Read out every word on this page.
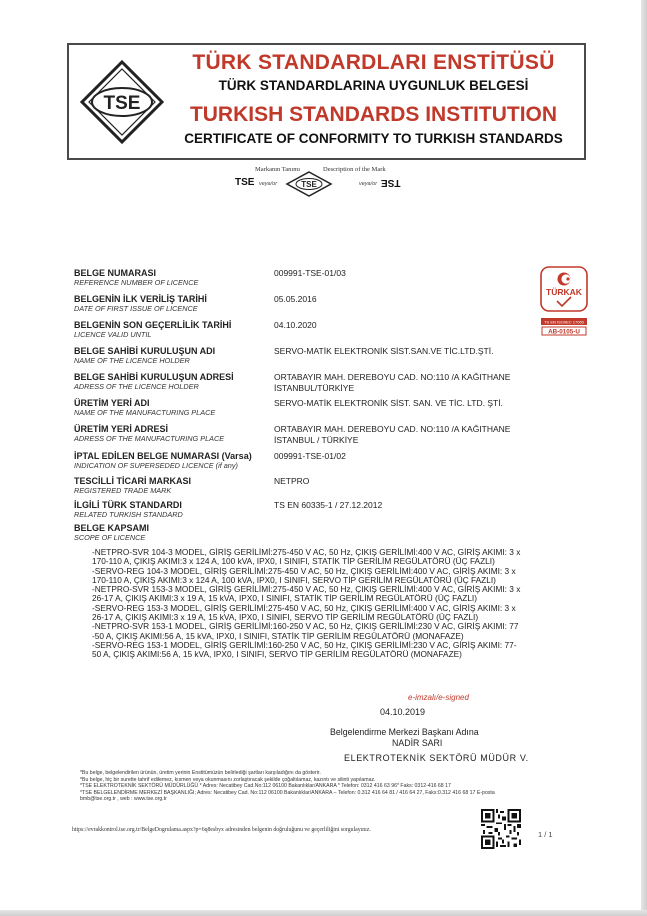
TSE
TÜRK STANDARDLARI ENSTİTÜSÜ
TÜRK STANDARDLARINA UYGUNLUK BELGESİ
TURKISH STANDARDS INSTITUTION
CERTIFICATE OF CONFORMITY TO TURKISH STANDARDS
Markanın Tanımı	Description of the Mark
TSE veya/or	TSE	veya/or TSE
BELGE NUMARASI
REFERENCE NUMBER OF LICENCE
009991-TSE-01/03
BELGENİN İLK VERİLİŞ TARİHİ
DATE OF FIRST ISSUE OF LICENCE
05.05.2016
BELGENİN SON GEÇERLİLİK TARİHİ
LICENCE VALID UNTIL
04.10.2020
BELGE SAHİBİ KURULUŞUN ADI
NAME OF THE LICENCE HOLDER
SERVO-MATİK ELEKTRONİK SİST.SAN.VE TİC.LTD.ŞTİ.
BELGE SAHİBİ KURULUŞUN ADRESİ
ADRESS OF THE LICENCE HOLDER
ORTABAYIR MAH. DEREBOYU CAD. NO:110 /A KAĞITHANE
İSTANBUL/TÜRKİYE
ÜRETİM YERİ ADI
NAME OF THE MANUFACTURING PLACE
SERVO-MATİK ELEKTRONİK SİST. SAN. VE TİC. LTD. ŞTİ.
ÜRETİM YERİ ADRESİ
ADRESS OF THE MANUFACTURING PLACE
ORTABAYIR MAH. DEREBOYU CAD. NO:110 /A KAĞITHANE
İSTANBUL / TÜRKİYE
İPTAL EDİLEN BELGE NUMARASI (Varsa)
INDICATION OF SUPERSEDED LICENCE (if any)
009991-TSE-01/02
TESCİLLİ TİCARİ MARKASI
REGISTERED TRADE MARK
NETPRO
İLGİLİ TÜRK STANDARDI
RELATED TURKISH STANDARD
TS EN 60335-1 / 27.12.2012
BELGE KAPSAMI
SCOPE OF LICENCE
TÜRKAK
TS EN ISO/IEC 17065
AB-0105-U
-NETPRO-SVR 104-3 MODEL, GİRİŞ GERİLİMİ:275-450 V AC, 50 Hz, ÇIKIŞ GERİLİMİ:400 V AC, GİRİŞ AKIMI: 3 x
170-110 A, ÇIKIŞ AKIMI:3 x 124 A, 100 kVA, IPX0, I SINIFI, STATİK TİP GERİLİM REGÜLATÖRÜ (ÜÇ FAZLI)
-SERVO-REG 104-3 MODEL, GİRİŞ GERİLİMİ:275-450 V AC, 50 Hz, ÇIKIŞ GERİLİMİ:400 V AC, GİRİŞ AKIMI: 3 x
170-110 A, ÇIKIŞ AKIMI:3 x 124 A, 100 kVA, IPX0, I SINIFI, SERVO TİP GERİLİM REGÜLATÖRÜ (ÜÇ FAZLI)
-NETPRO-SVR 153-3 MODEL, GİRİŞ GERİLİMİ:275-450 V AC, 50 Hz, ÇIKIŞ GERİLİMİ:400 V AC, GİRİŞ AKIMI: 3 x
26-17 A, ÇIKIŞ AKIMI:3 x 19 A, 15 kVA, IPX0, I SINIFI, STATİK TİP GERİLİM REGÜLATÖRÜ (ÜÇ FAZLI)
-SERVO-REG 153-3 MODEL, GİRİŞ GERİLİMİ:275-450 V AC, 50 Hz, ÇIKIŞ GERİLİMİ:400 V AC, GİRİŞ AKIMI: 3 x
26-17 A, ÇIKIŞ AKIMI:3 x 19 A, 15 kVA, IPX0, I SINIFI, SERVO TİP GERİLİM REGÜLATÖRÜ (ÜÇ FAZLI)
-NETPRO-SVR 153-1 MODEL, GİRİŞ GERİLİMİ:160-250 V AC, 50 Hz, ÇIKIŞ GERİLİMİ:230 V AC, GİRİŞ AKIMI: 77
-50 A, ÇIKIŞ AKIMI:56 A, 15 kVA, IPX0, I SINIFI, STATİK TİP GERİLİM REGÜLATÖRÜ (MONAFAZE)
-SERVO-REG 153-1 MODEL, GİRİŞ GERİLİMİ:160-250 V AC, 50 Hz, ÇIKIŞ GERİLİMİ:230 V AC, GİRİŞ AKIMI: 77-
50 A, ÇIKIŞ AKIMI:56 A, 15 kVA, IPX0, I SINIFI, SERVO TİP GERİLİM REGÜLATÖRÜ (MONAFAZE)
e-imzalı/e-signed
04.10.2019
Belgelendirme Merkezi Başkanı Adına
NADİR SARI
ELEKTROTEKNİK SEKTÖRÜ MÜDÜR V.
*Bu belge, belgelendirilen ürünün, üretim yerinin Enstitümüzün belirlediği şartları karşıladığını da gösterir.
*Bu belge, hiç bir surette tahrif edilemez, kısmen veya okunmasını zorlaştıracak şekilde çoğaltılamaz, kazıntı ve silinti yapılamaz.
*TSE ELEKTROTEKNİK SEKTÖRÜ MÜDÜRLÜĞÜ * Adres: Necatibey Cad.No:112 06100 Bakanlıklar/ANKARA * Telefon: 0312 416 63 96* Faks: 0312-416 68 17
*TSE BELGELENDİRME MERKEZİ BAŞKANLIĞI; Adres: Necatibey Cad. No:112 06100 Bakanlıklar/ANKARA – Telefon: 0.312 416 64 81 / 416 64 27, Faks:0.312 416 68 17 E-posta
bmb@tse.org.tr , web : www.tse.org.tr
https://evrakkontrol.tse.org.tr/BelgeDogrulama.aspx?p=6q8esbyx adresinden belgenin doğruluğunu ve geçerliliğini sorgulayınız.	1 / 1
